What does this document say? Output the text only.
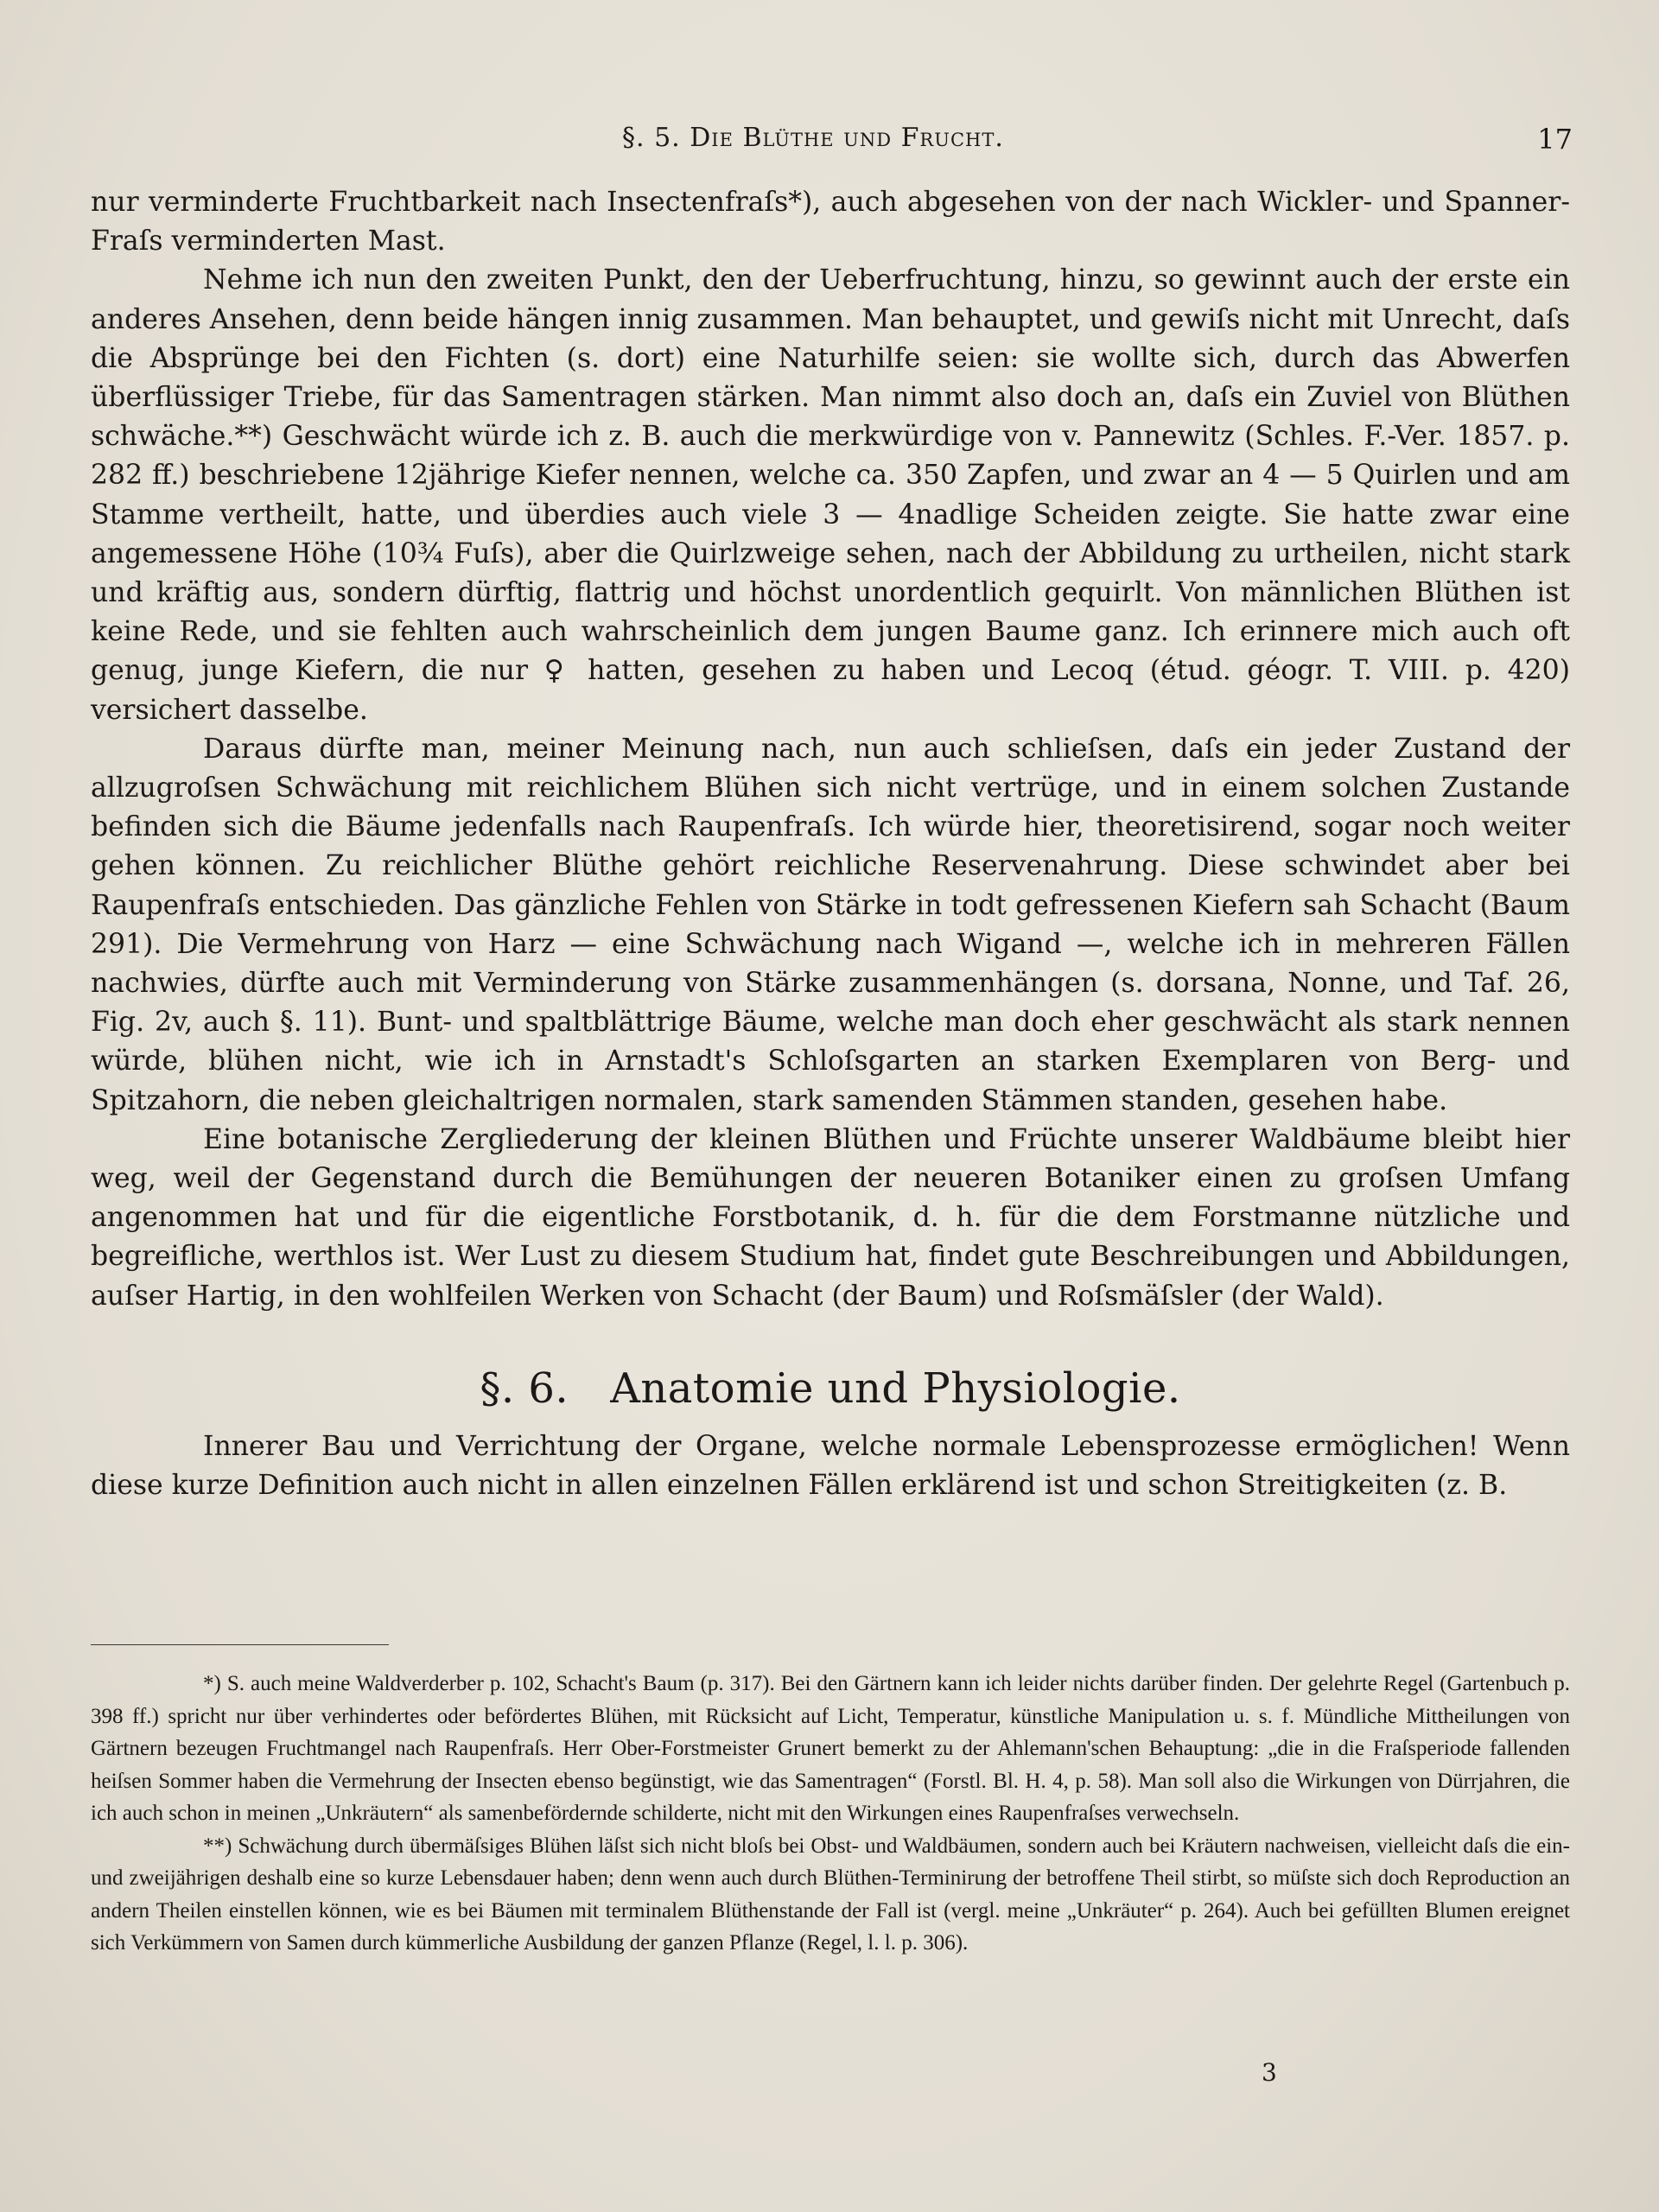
§. 5. Die Blüthe und Frucht.	17

nur verminderte Fruchtbarkeit nach Insectenfraſs*), auch abgesehen von der nach Wickler- und Spanner-Fraſs verminderten Mast.

Nehme ich nun den zweiten Punkt, den der Ueberfruchtung, hinzu, so gewinnt auch der erste ein anderes Ansehen, denn beide hängen innig zusammen. Man behauptet, und gewiſs nicht mit Unrecht, daſs die Absprünge bei den Fichten (s. dort) eine Naturhilfe seien: sie wollte sich, durch das Abwerfen überflüssiger Triebe, für das Samentragen stärken. Man nimmt also doch an, daſs ein Zuviel von Blüthen schwäche.**) Geschwächt würde ich z. B. auch die merkwürdige von v. Pannewitz (Schles. F.-Ver. 1857. p. 282 ff.) beschriebene 12jährige Kiefer nennen, welche ca. 350 Zapfen, und zwar an 4 — 5 Quirlen und am Stamme vertheilt, hatte, und überdies auch viele 3 — 4nadlige Scheiden zeigte. Sie hatte zwar eine angemessene Höhe (10¾ Fuſs), aber die Quirlzweige sehen, nach der Abbildung zu urtheilen, nicht stark und kräftig aus, sondern dürftig, flattrig und höchst unordentlich gequirlt. Von männlichen Blüthen ist keine Rede, und sie fehlten auch wahrscheinlich dem jungen Baume ganz. Ich erinnere mich auch oft genug, junge Kiefern, die nur ♀ hatten, gesehen zu haben und Lecoq (étud. géogr. T. VIII. p. 420) versichert dasselbe.

Daraus dürfte man, meiner Meinung nach, nun auch schlieſsen, daſs ein jeder Zustand der allzugroſsen Schwächung mit reichlichem Blühen sich nicht vertrüge, und in einem solchen Zustande befinden sich die Bäume jedenfalls nach Raupenfraſs. Ich würde hier, theoretisirend, sogar noch weiter gehen können. Zu reichlicher Blüthe gehört reichliche Reservenahrung. Diese schwindet aber bei Raupenfraſs entschieden. Das gänzliche Fehlen von Stärke in todt gefressenen Kiefern sah Schacht (Baum 291). Die Vermehrung von Harz — eine Schwächung nach Wigand —, welche ich in mehreren Fällen nachwies, dürfte auch mit Verminderung von Stärke zusammenhängen (s. dorsana, Nonne, und Taf. 26, Fig. 2v, auch §. 11). Bunt- und spaltblättrige Bäume, welche man doch eher geschwächt als stark nennen würde, blühen nicht, wie ich in Arnstadt's Schloſsgarten an starken Exemplaren von Berg- und Spitzahorn, die neben gleichaltrigen normalen, stark samenden Stämmen standen, gesehen habe.

Eine botanische Zergliederung der kleinen Blüthen und Früchte unserer Waldbäume bleibt hier weg, weil der Gegenstand durch die Bemühungen der neueren Botaniker einen zu groſsen Umfang angenommen hat und für die eigentliche Forstbotanik, d. h. für die dem Forstmanne nützliche und begreifliche, werthlos ist. Wer Lust zu diesem Studium hat, findet gute Beschreibungen und Abbildungen, auſser Hartig, in den wohlfeilen Werken von Schacht (der Baum) und Roſsmäſsler (der Wald).

§. 6. Anatomie und Physiologie.

Innerer Bau und Verrichtung der Organe, welche normale Lebensprozesse ermöglichen! Wenn diese kurze Definition auch nicht in allen einzelnen Fällen erklärend ist und schon Streitigkeiten (z. B.

*) S. auch meine Waldverderber p. 102, Schacht's Baum (p. 317). Bei den Gärtnern kann ich leider nichts darüber finden. Der gelehrte Regel (Gartenbuch p. 398 ff.) spricht nur über verhindertes oder befördertes Blühen, mit Rücksicht auf Licht, Temperatur, künstliche Manipulation u. s. f. Mündliche Mittheilungen von Gärtnern bezeugen Fruchtmangel nach Raupenfraſs. Herr Ober-Forstmeister Grunert bemerkt zu der Ahlemann'schen Behauptung: „die in die Fraſsperiode fallenden heiſsen Sommer haben die Vermehrung der Insecten ebenso begünstigt, wie das Samentragen“ (Forstl. Bl. H. 4, p. 58). Man soll also die Wirkungen von Dürrjahren, die ich auch schon in meinen „Unkräutern“ als samenbefördernde schilderte, nicht mit den Wirkungen eines Raupenfraſses verwechseln.

**) Schwächung durch übermäſsiges Blühen läſst sich nicht bloſs bei Obst- und Waldbäumen, sondern auch bei Kräutern nachweisen, vielleicht daſs die ein- und zweijährigen deshalb eine so kurze Lebensdauer haben; denn wenn auch durch Blüthen-Terminirung der betroffene Theil stirbt, so müſste sich doch Reproduction an andern Theilen einstellen können, wie es bei Bäumen mit terminalem Blüthenstande der Fall ist (vergl. meine „Unkräuter“ p. 264). Auch bei gefüllten Blumen ereignet sich Verkümmern von Samen durch kümmerliche Ausbildung der ganzen Pflanze (Regel, l. l. p. 306).

3
